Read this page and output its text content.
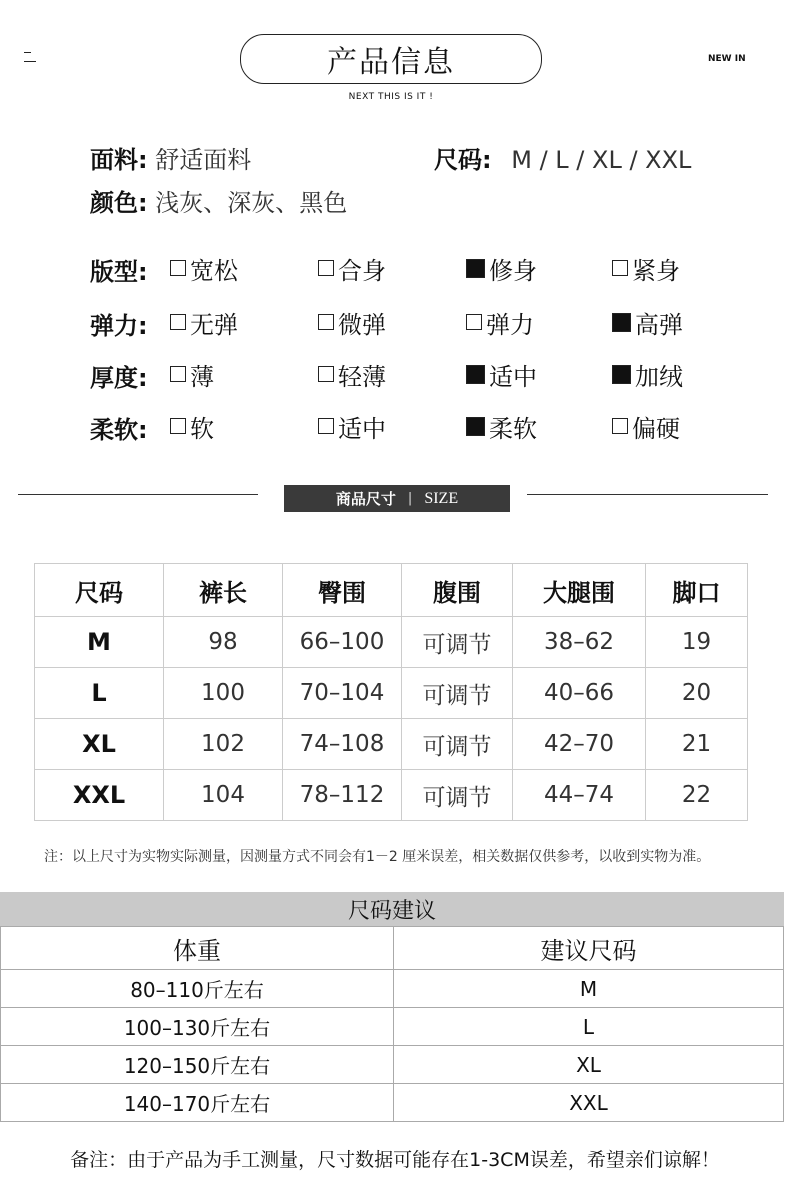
产品信息
NEXT THIS IS IT !
NEW IN
面料: 舒适面料	尺码: M / L / XL / XXL
颜色: 浅灰、深灰、黑色
版型: 宽松	合身	修身	紧身
弹力: 无弹	微弹	弹力	高弹
厚度: 薄	轻薄	适中	加绒
柔软: 软	适中	柔软	偏硬
商品尺寸 | SIZE
尺码	裤长	臀围	腹围	大腿围	脚口
M	98	66–100	可调节	38–62	19
L	100	70–104	可调节	40–66	20
XL	102	74–108	可调节	42–70	21
XXL	104	78–112	可调节	44–74	22
注：以上尺寸为实物实际测量，因测量方式不同会有1－2 厘米误差，相关数据仅供参考，以收到实物为准。
尺码建议
体重	建议尺码
80–110斤左右	M
100–130斤左右	L
120–150斤左右	XL
140–170斤左右	XXL
备注：由于产品为手工测量，尺寸数据可能存在1-3CM误差，希望亲们谅解！
